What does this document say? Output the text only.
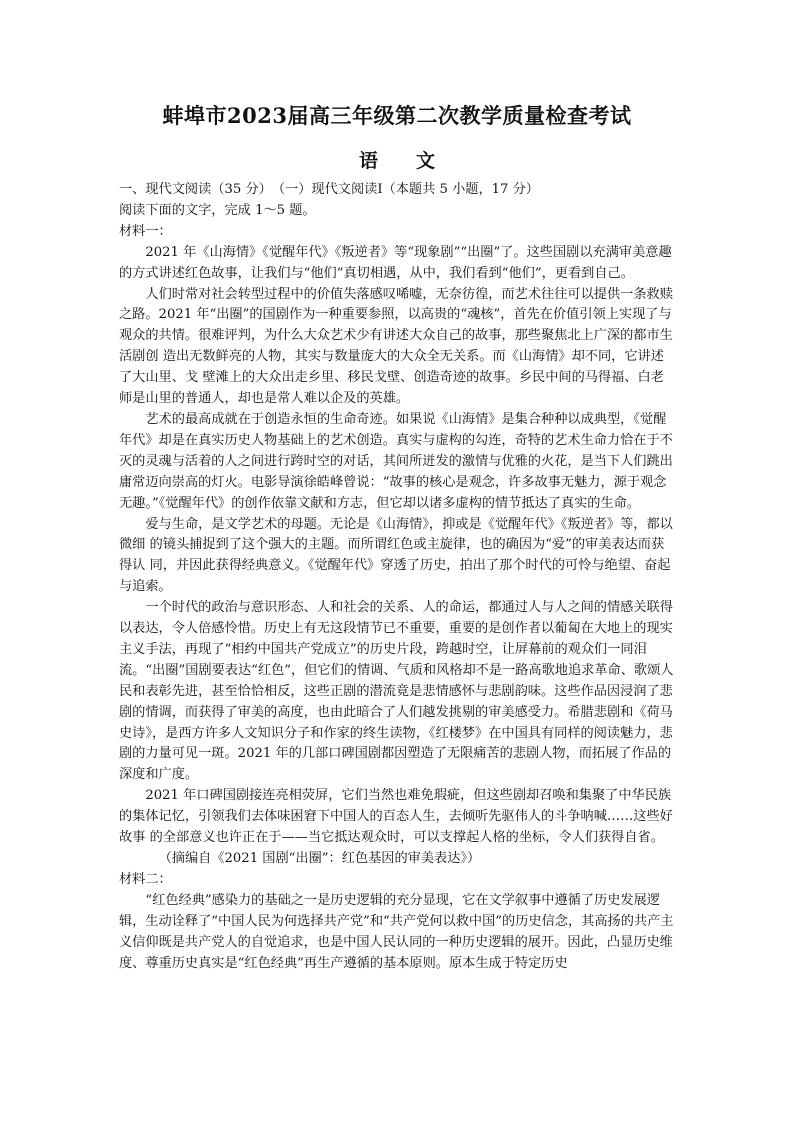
蚌埠市2023届高三年级第二次教学质量检查考试
语　　文

一、现代文阅读（35 分）　（一）现代文阅读Ⅰ（本题共 5 小题，17 分）

阅读下面的文字，完成 1～5 题。

材料一：

2021 年《山海情》《觉醒年代》《叛逆者》等“现象剧”“出圈”了。这些国剧以充满审美意趣的方式讲述红色故事，让我们与“他们”真切相遇，从中，我们看到“他们”，更看到自己。

人们时常对社会转型过程中的价值失落感叹唏嘘，无奈彷徨，而艺术往往可以提供一条救赎之路。2021 年“出圈”的国剧作为一种重要参照，以高贵的“魂核”，首先在价值引领上实现了与观众的共情。很难评判，为什么大众艺术少有讲述大众自己的故事，那些聚焦北上广深的都市生活剧创 造出无数鲜亮的人物，其实与数量庞大的大众全无关系。而《山海情》却不同，它讲述了大山里、戈 壁滩上的大众出走乡里、移民戈壁、创造奇迹的故事。乡民中间的马得福、白老师是山里的普通人，却也是常人难以企及的英雄。

艺术的最高成就在于创造永恒的生命奇迹。如果说《山海情》是集合种种以成典型，《觉醒年代》却是在真实历史人物基础上的艺术创造。真实与虚构的勾连，奇特的艺术生命力恰在于不灭的灵魂与活着的人之间进行跨时空的对话，其间所迸发的激情与优雅的火花，是当下人们跳出庸常迈向崇高的灯火。电影导演徐皓峰曾说：“故事的核心是观念，许多故事无魅力，源于观念无趣。”《觉醒年代》的创作依靠文献和方志，但它却以诸多虚构的情节抵达了真实的生命。

爱与生命，是文学艺术的母题。无论是《山海情》，抑或是《觉醒年代》《叛逆者》等，都以微细 的镜头捕捉到了这个强大的主题。而所谓红色或主旋律，也的确因为“爱”的审美表达而获得认 同，并因此获得经典意义。《觉醒年代》穿透了历史，拍出了那个时代的可怜与绝望、奋起与追索。

一个时代的政治与意识形态、人和社会的关系、人的命运，都通过人与人之间的情感关联得以表达，令人倍感怜惜。历史上有无这段情节已不重要，重要的是创作者以葡匐在大地上的现实主义手法，再现了“相约中国共产党成立”的历史片段，跨越时空，让屏幕前的观众们一同泪流。“出圈”国剧要表达“红色”，但它们的情调、气质和风格却不是一路高歌地追求革命、歌颂人民和表彰先进，甚至恰恰相反，这些正剧的潜流竟是悲情感怀与悲剧韵味。这些作品因浸润了悲剧的情调，而获得了审美的高度，也由此暗合了人们越发挑剔的审美感受力。希腊悲剧和《荷马史诗》，是西方许多人文知识分子和作家的终生读物，《红楼梦》在中国具有同样的阅读魅力，悲剧的力量可见一斑。2021 年的几部口碑国剧都因塑造了无限痛苦的悲剧人物，而拓展了作品的深度和广度。

2021 年口碑国剧接连亮相荧屏，它们当然也难免瑕疵，但这些剧却召唤和集聚了中华民族的集体记忆，引领我们去体味困窘下中国人的百态人生，去倾听先驱伟人的斗争呐喊……这些好故事 的全部意义也许正在于——当它抵达观众时，可以支撑起人格的坐标，令人们获得自省。

（摘编自《2021 国剧“出圈”：红色基因的审美表达》）

材料二：

“红色经典”感染力的基础之一是历史逻辑的充分显现，它在文学叙事中遵循了历史发展逻辑，生动诠释了“中国人民为何选择共产党”和“共产党何以救中国”的历史信念，其高扬的共产主义信仰既是共产党人的自觉追求，也是中国人民认同的一种历史逻辑的展开。因此，凸显历史维 度、尊重历史真实是“红色经典”再生产遵循的基本原则。原本生成于特定历史
